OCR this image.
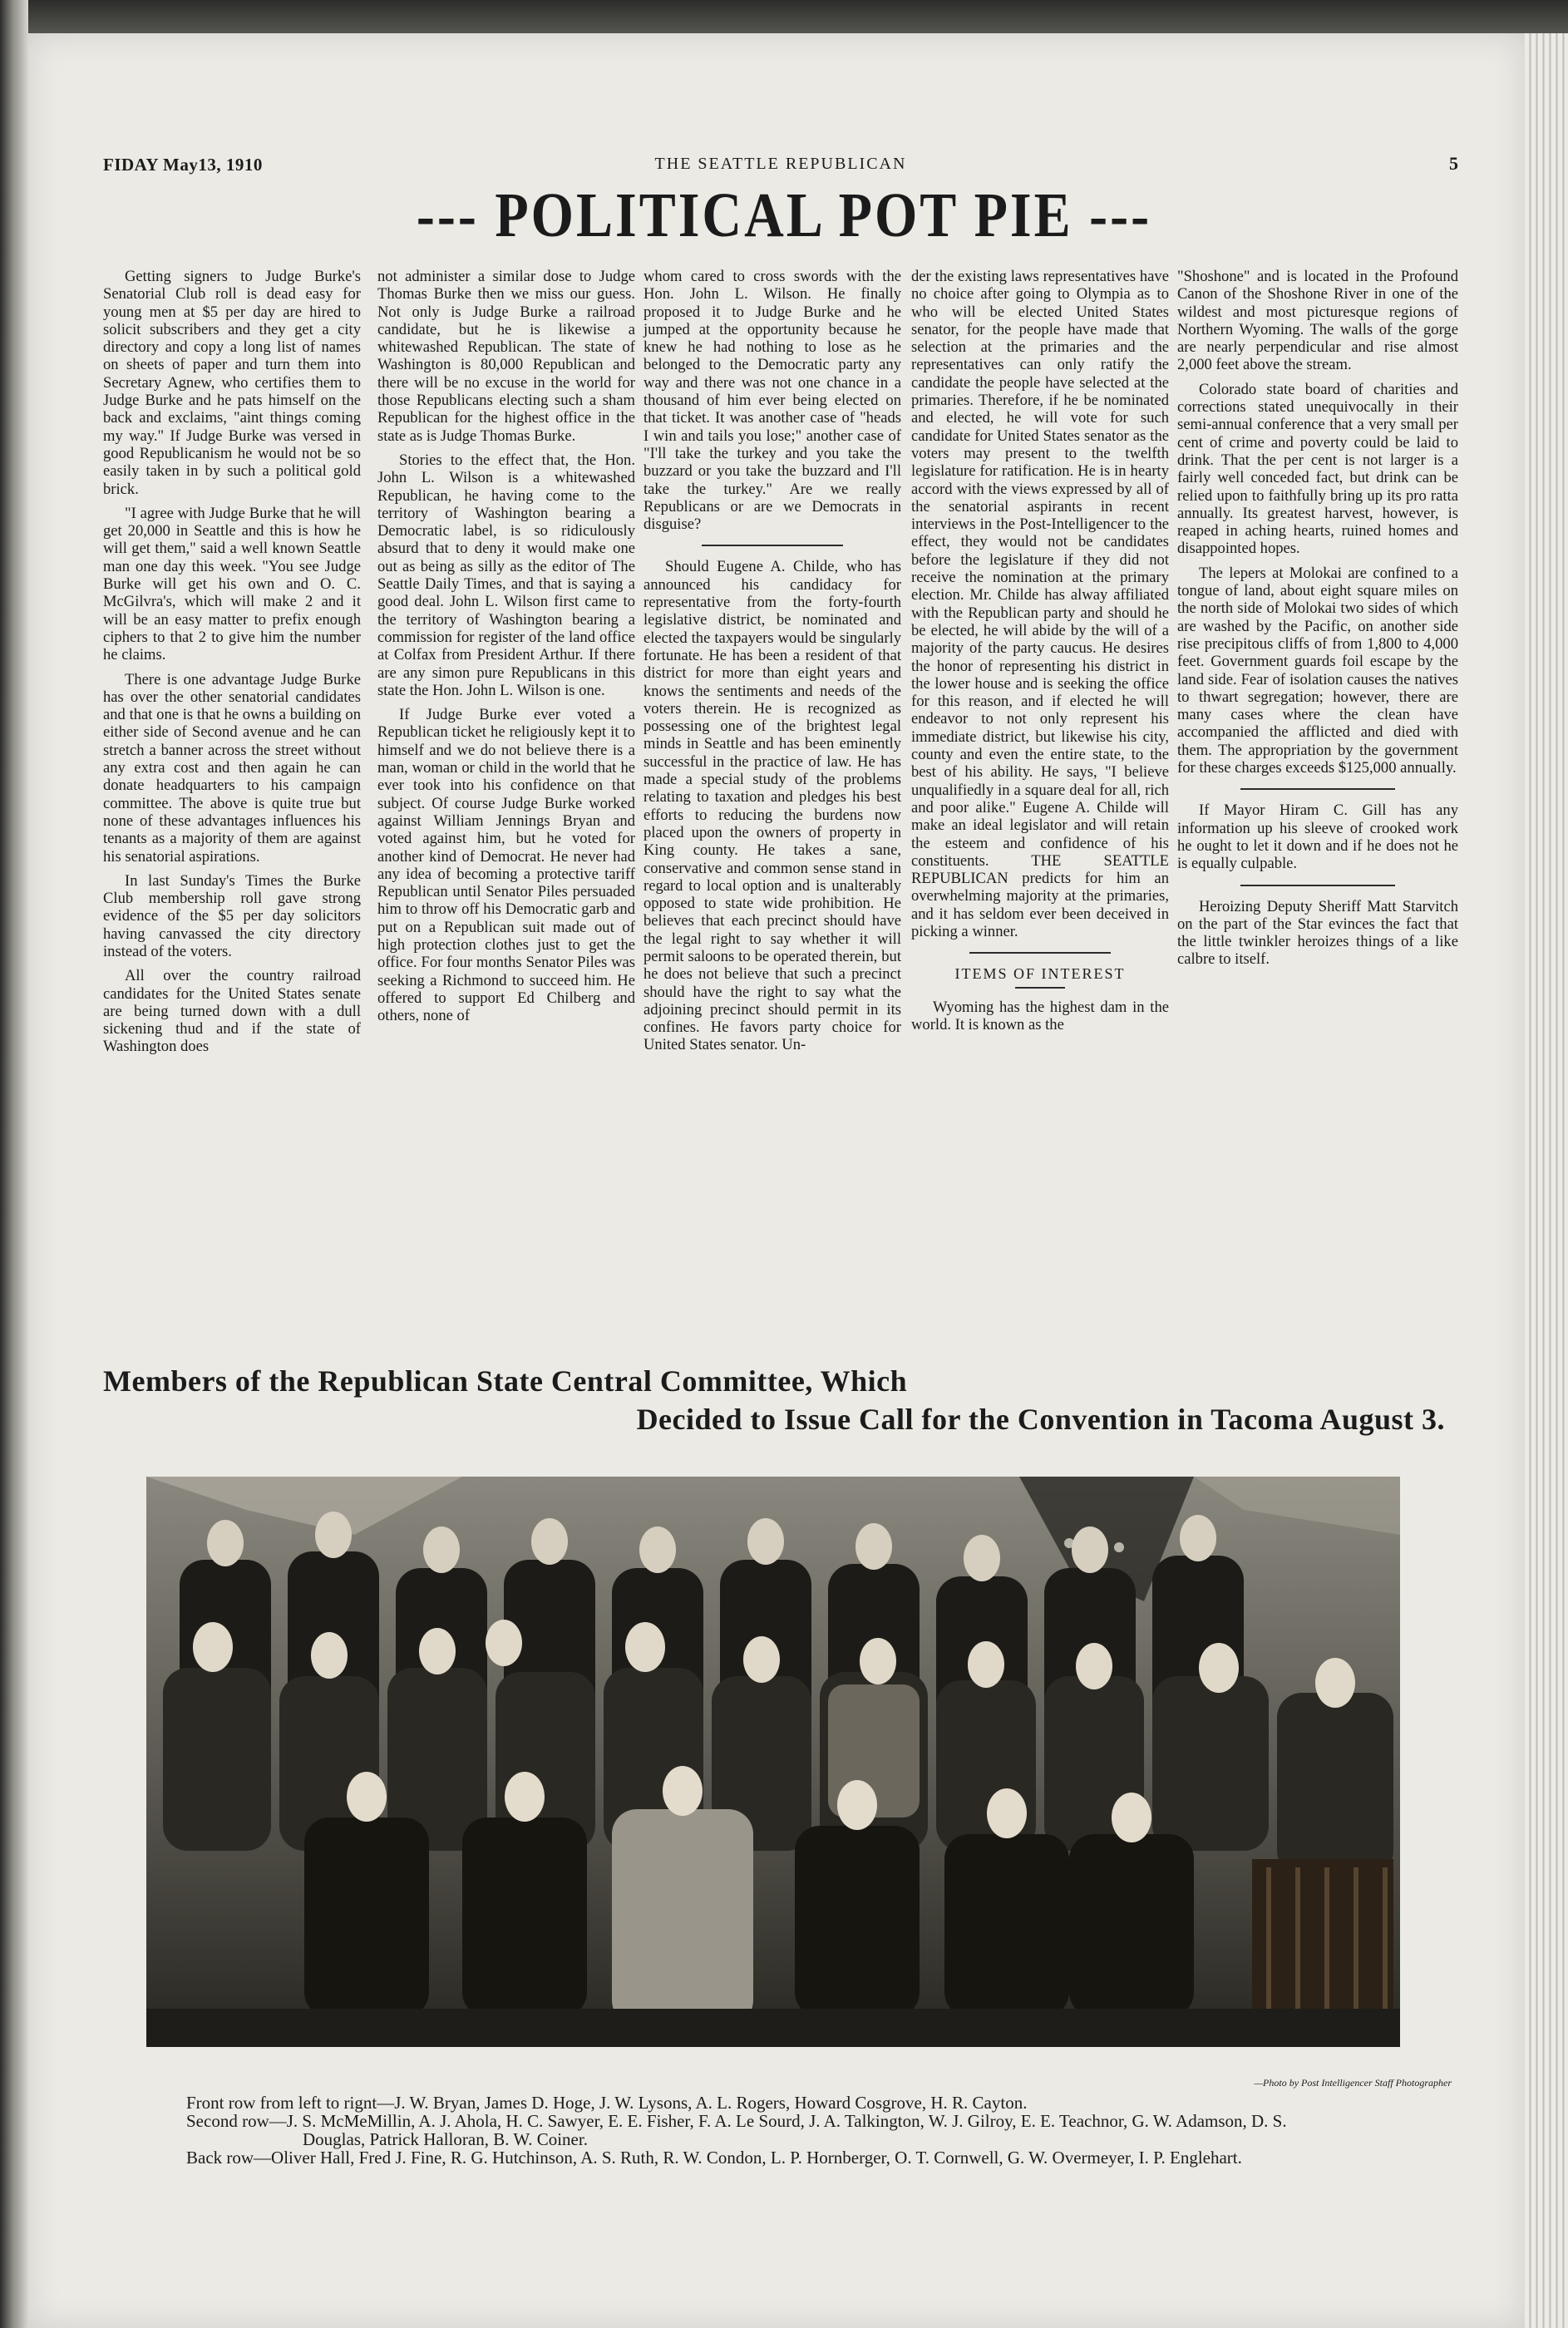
FIDAY May13, 1910	THE SEATTLE REPUBLICAN	5
--- POLITICAL POT PIE ---

Getting signers to Judge Burke's Senatorial Club roll is dead easy for young men at $5 per day are hired to solicit subscribers and they get a city directory and copy a long list of names on sheets of paper and turn them into Secretary Agnew, who certifies them to Judge Burke and he pats himself on the back and exclaims, "aint things coming my way." If Judge Burke was versed in good Republicanism he would not be so easily taken in by such a political gold brick.

"I agree with Judge Burke that he will get 20,000 in Seattle and this is how he will get them," said a well known Seattle man one day this week. "You see Judge Burke will get his own and O. C. McGilvra's, which will make 2 and it will be an easy matter to prefix enough ciphers to that 2 to give him the number he claims.

There is one advantage Judge Burke has over the other senatorial candidates and that one is that he owns a building on either side of Second avenue and he can stretch a banner across the street without any extra cost and then again he can donate headquarters to his campaign committee. The above is quite true but none of these advantages influences his tenants as a majority of them are against his senatorial aspirations.

In last Sunday's Times the Burke Club membership roll gave strong evidence of the $5 per day solicitors having canvassed the city directory instead of the voters.

All over the country railroad candidates for the United States senate are being turned down with a dull sickening thud and if the state of Washington does

not administer a similar dose to Judge Thomas Burke then we miss our guess. Not only is Judge Burke a railroad candidate, but he is likewise a whitewashed Republican. The state of Washington is 80,000 Republican and there will be no excuse in the world for those Republicans electing such a sham Republican for the highest office in the state as is Judge Thomas Burke.

Stories to the effect that, the Hon. John L. Wilson is a whitewashed Republican, he having come to the territory of Washington bearing a Democratic label, is so ridiculously absurd that to deny it would make one out as being as silly as the editor of The Seattle Daily Times, and that is saying a good deal. John L. Wilson first came to the territory of Washington bearing a commission for register of the land office at Colfax from President Arthur. If there are any simon pure Republicans in this state the Hon. John L. Wilson is one.

If Judge Burke ever voted a Republican ticket he religiously kept it to himself and we do not believe there is a man, woman or child in the world that he ever took into his confidence on that subject. Of course Judge Burke worked against William Jennings Bryan and voted against him, but he voted for another kind of Democrat. He never had any idea of becoming a protective tariff Republican until Senator Piles persuaded him to throw off his Democratic garb and put on a Republican suit made out of high protection clothes just to get the office. For four months Senator Piles was seeking a Richmond to succeed him. He offered to support Ed Chilberg and others, none of

whom cared to cross swords with the Hon. John L. Wilson. He finally proposed it to Judge Burke and he jumped at the opportunity because he knew he had nothing to lose as he belonged to the Democratic party any way and there was not one chance in a thousand of him ever being elected on that ticket. It was another case of "heads I win and tails you lose;" another case of "I'll take the turkey and you take the buzzard or you take the buzzard and I'll take the turkey." Are we really Republicans or are we Democrats in disguise?

Should Eugene A. Childe, who has announced his candidacy for representative from the forty-fourth legislative district, be nominated and elected the taxpayers would be singularly fortunate. He has been a resident of that district for more than eight years and knows the sentiments and needs of the voters therein. He is recognized as possessing one of the brightest legal minds in Seattle and has been eminently successful in the practice of law. He has made a special study of the problems relating to taxation and pledges his best efforts to reducing the burdens now placed upon the owners of property in King county. He takes a sane, conservative and common sense stand in regard to local option and is unalterably opposed to state wide prohibition. He believes that each precinct should have the legal right to say whether it will permit saloons to be operated therein, but he does not believe that such a precinct should have the right to say what the adjoining precinct should permit in its confines. He favors party choice for United States senator. Un-

der the existing laws representatives have no choice after going to Olympia as to who will be elected United States senator, for the people have made that selection at the primaries and the representatives can only ratify the candidate the people have selected at the primaries. Therefore, if he be nominated and elected, he will vote for such candidate for United States senator as the voters may present to the twelfth legislature for ratification. He is in hearty accord with the views expressed by all of the senatorial aspirants in recent interviews in the Post-Intelligencer to the effect, they would not be candidates before the legislature if they did not receive the nomination at the primary election. Mr. Childe has alway affiliated with the Republican party and should he be elected, he will abide by the will of a majority of the party caucus. He desires the honor of representing his district in the lower house and is seeking the office for this reason, and if elected he will endeavor to not only represent his immediate district, but likewise his city, county and even the entire state, to the best of his ability. He says, "I believe unqualifiedly in a square deal for all, rich and poor alike." Eugene A. Childe will make an ideal legislator and will retain the esteem and confidence of his constituents. THE SEATTLE REPUBLICAN predicts for him an overwhelming majority at the primaries, and it has seldom ever been deceived in picking a winner.

ITEMS OF INTEREST

Wyoming has the highest dam in the world. It is known as the

"Shoshone" and is located in the Profound Canon of the Shoshone River in one of the wildest and most picturesque regions of Northern Wyoming. The walls of the gorge are nearly perpendicular and rise almost 2,000 feet above the stream.

Colorado state board of charities and corrections stated unequivocally in their semi-annual conference that a very small per cent of crime and poverty could be laid to drink. That the per cent is not larger is a fairly well conceded fact, but drink can be relied upon to faithfully bring up its pro ratta annually. Its greatest harvest, however, is reaped in aching hearts, ruined homes and disappointed hopes.

The lepers at Molokai are confined to a tongue of land, about eight square miles on the north side of Molokai two sides of which are washed by the Pacific, on another side rise precipitous cliffs of from 1,800 to 4,000 feet. Government guards foil escape by the land side. Fear of isolation causes the natives to thwart segregation; however, there are many cases where the clean have accompanied the afflicted and died with them. The appropriation by the government for these charges exceeds $125,000 annually.

If Mayor Hiram C. Gill has any information up his sleeve of crooked work he ought to let it down and if he does not he is equally culpable.

Heroizing Deputy Sheriff Matt Starvitch on the part of the Star evinces the fact that the little twinkler heroizes things of a like calbre to itself.

Members of the Republican State Central Committee, Which
Decided to Issue Call for the Convention in Tacoma August 3.
—Photo by Post Intelligencer Staff Photographer
Front row from left to rignt—J. W. Bryan, James D. Hoge, J. W. Lysons, A. L. Rogers, Howard Cosgrove, H. R. Cayton.
Second row—J. S. McMeMillin, A. J. Ahola, H. C. Sawyer, E. E. Fisher, F. A. Le Sourd, J. A. Talkington, W. J. Gilroy, E. E. Teachnor, G. W. Adamson, D. S.
Douglas, Patrick Halloran, B. W. Coiner.
Back row—Oliver Hall, Fred J. Fine, R. G. Hutchinson, A. S. Ruth, R. W. Condon, L. P. Hornberger, O. T. Cornwell, G. W. Overmeyer, I. P. Englehart.
